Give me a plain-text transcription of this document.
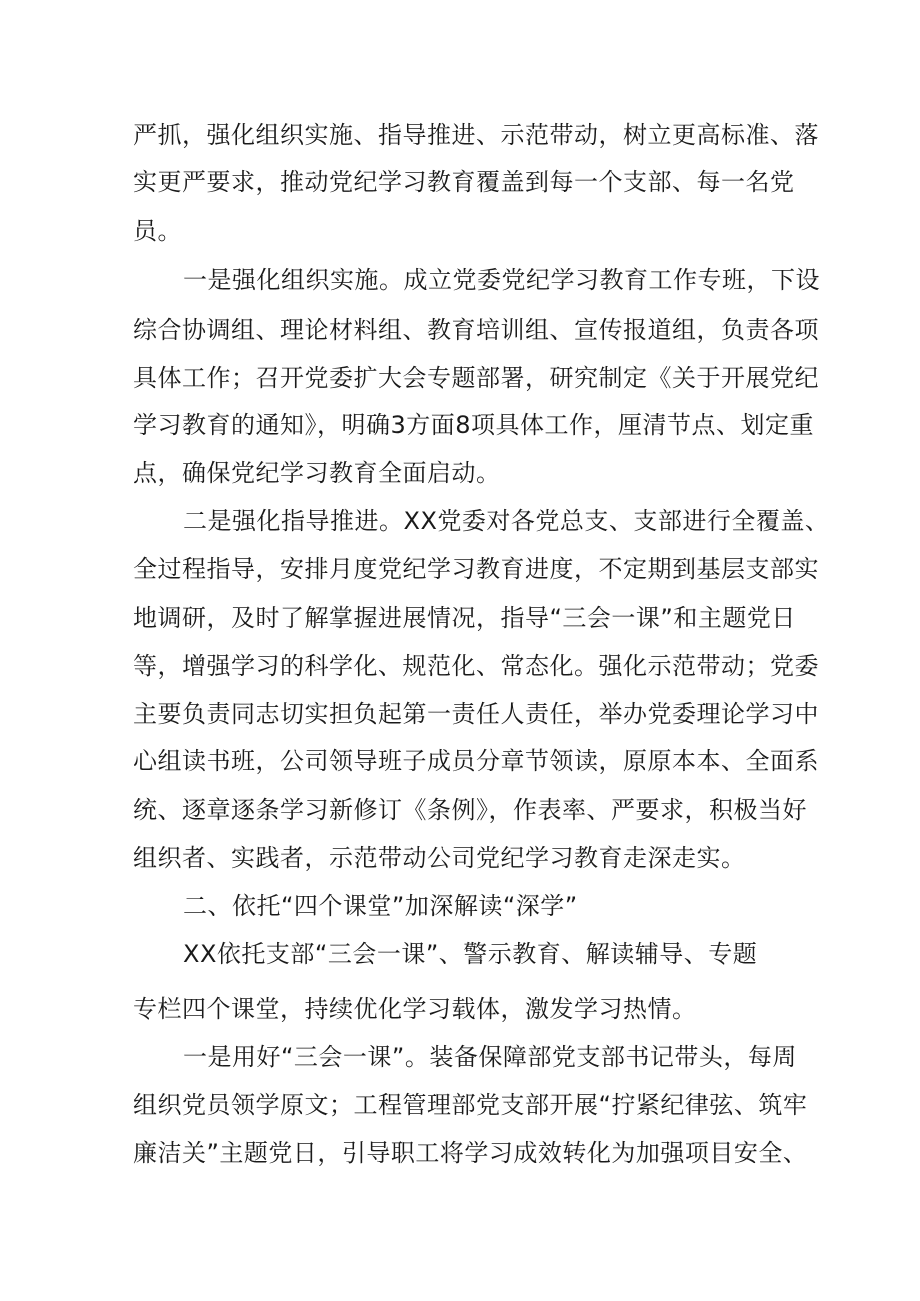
严抓，强化组织实施、指导推进、示范带动，树立更高标准、落
实更严要求，推动党纪学习教育覆盖到每一个支部、每一名党
员。
一是强化组织实施。成立党委党纪学习教育工作专班，下设
综合协调组、理论材料组、教育培训组、宣传报道组，负责各项
具体工作；召开党委扩大会专题部署，研究制定《关于开展党纪
学习教育的通知》，明确3方面8项具体工作，厘清节点、划定重
点，确保党纪学习教育全面启动。
二是强化指导推进。XX党委对各党总支、支部进行全覆盖、
全过程指导，安排月度党纪学习教育进度，不定期到基层支部实
地调研，及时了解掌握进展情况，指导“三会一课”和主题党日
等，增强学习的科学化、规范化、常态化。强化示范带动；党委
主要负责同志切实担负起第一责任人责任，举办党委理论学习中
心组读书班，公司领导班子成员分章节领读，原原本本、全面系
统、逐章逐条学习新修订《条例》，作表率、严要求，积极当好
组织者、实践者，示范带动公司党纪学习教育走深走实。
二、依托“四个课堂”加深解读“深学”
XX依托支部“三会一课”、警示教育、解读辅导、专题
专栏四个课堂，持续优化学习载体，激发学习热情。
一是用好“三会一课”。装备保障部党支部书记带头，每周
组织党员领学原文；工程管理部党支部开展“拧紧纪律弦、筑牢
廉洁关”主题党日，引导职工将学习成效转化为加强项目安全、
